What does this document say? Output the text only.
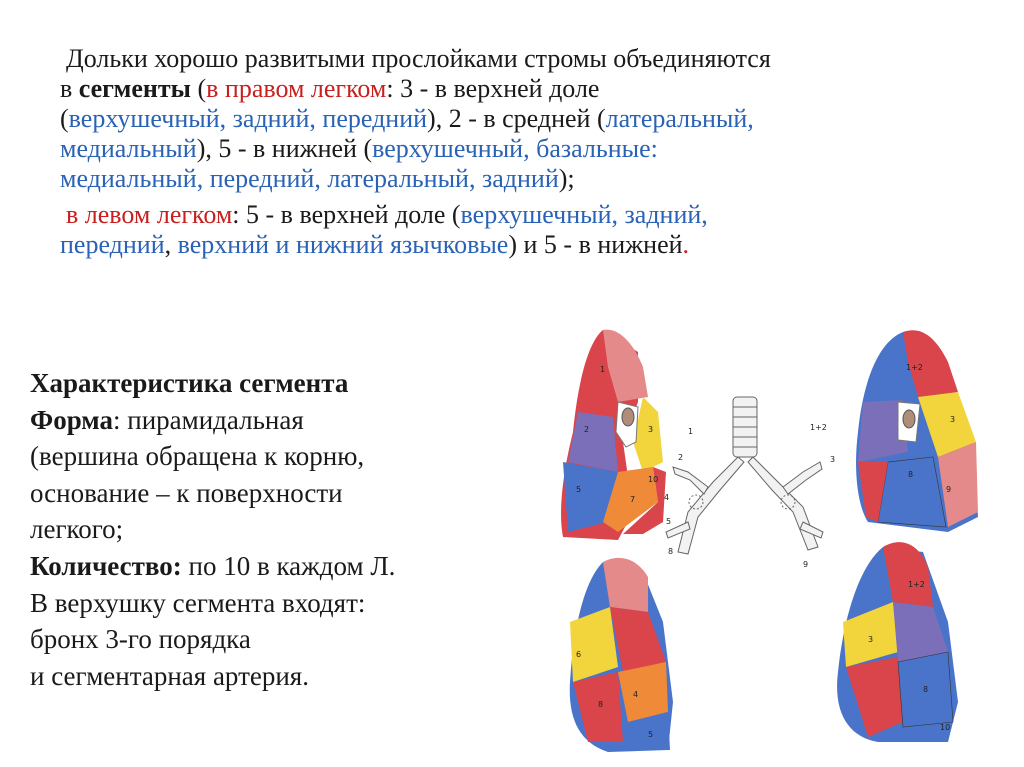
Дольки хорошо развитыми прослойками стромы объединяются
в сегменты (в правом легком: 3 - в верхней доле
(верхушечный, задний, передний), 2 - в средней (латеральный,
медиальный), 5 - в нижней (верхушечный, базальные:
медиальный, передний, латеральный, задний);

в левом легком: 5 - в верхней доле (верхушечный, задний,
передний, верхний и нижний язычковые) и 5 - в нижней.

Характеристика сегмента
Форма: пирамидальная
(вершина обращена к корню,
основание – к поверхности
легкого;
Количество: по 10 в каждом Л.
В верхушку сегмента входят:
бронх 3-го порядка
и сегментарная артерия.
1
2	3
5
7
10
1+2
3
8
9
1
2
1+2
3
4
5
8
9
6
4
8
5
1+2
3
8
10
